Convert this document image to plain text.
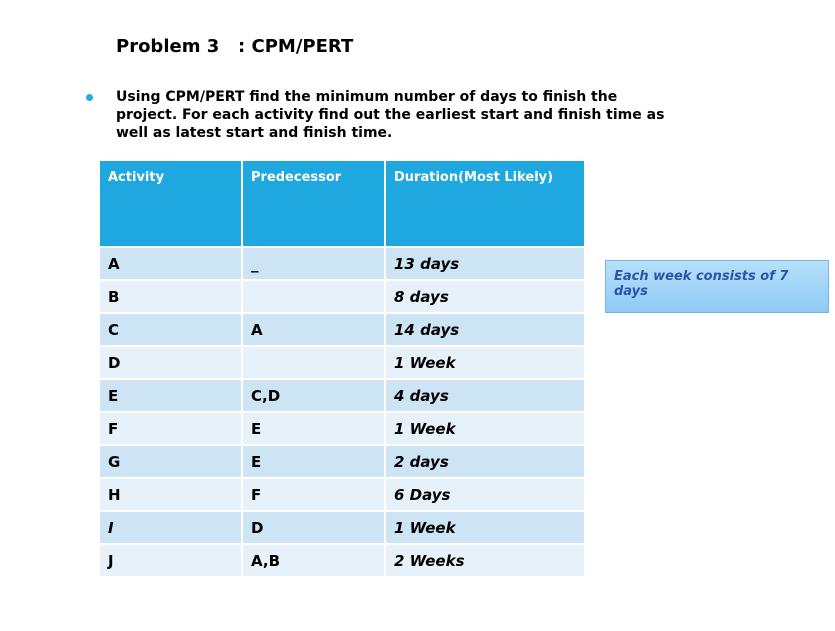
Problem 3   : CPM/PERT
Using CPM/PERT find the minimum number of days to finish the project. For each activity find out the earliest start and finish time as well as latest start and finish time.
Activity	Predecessor	Duration(Most Likely)
A	_	13 days
B		8 days
C	A	14 days
D		1 Week
E	C,D	4 days
F	E	1 Week
G	E	2 days
H	F	6 Days
I	D	1 Week
J	A,B	2 Weeks
Each week consists of 7 days
